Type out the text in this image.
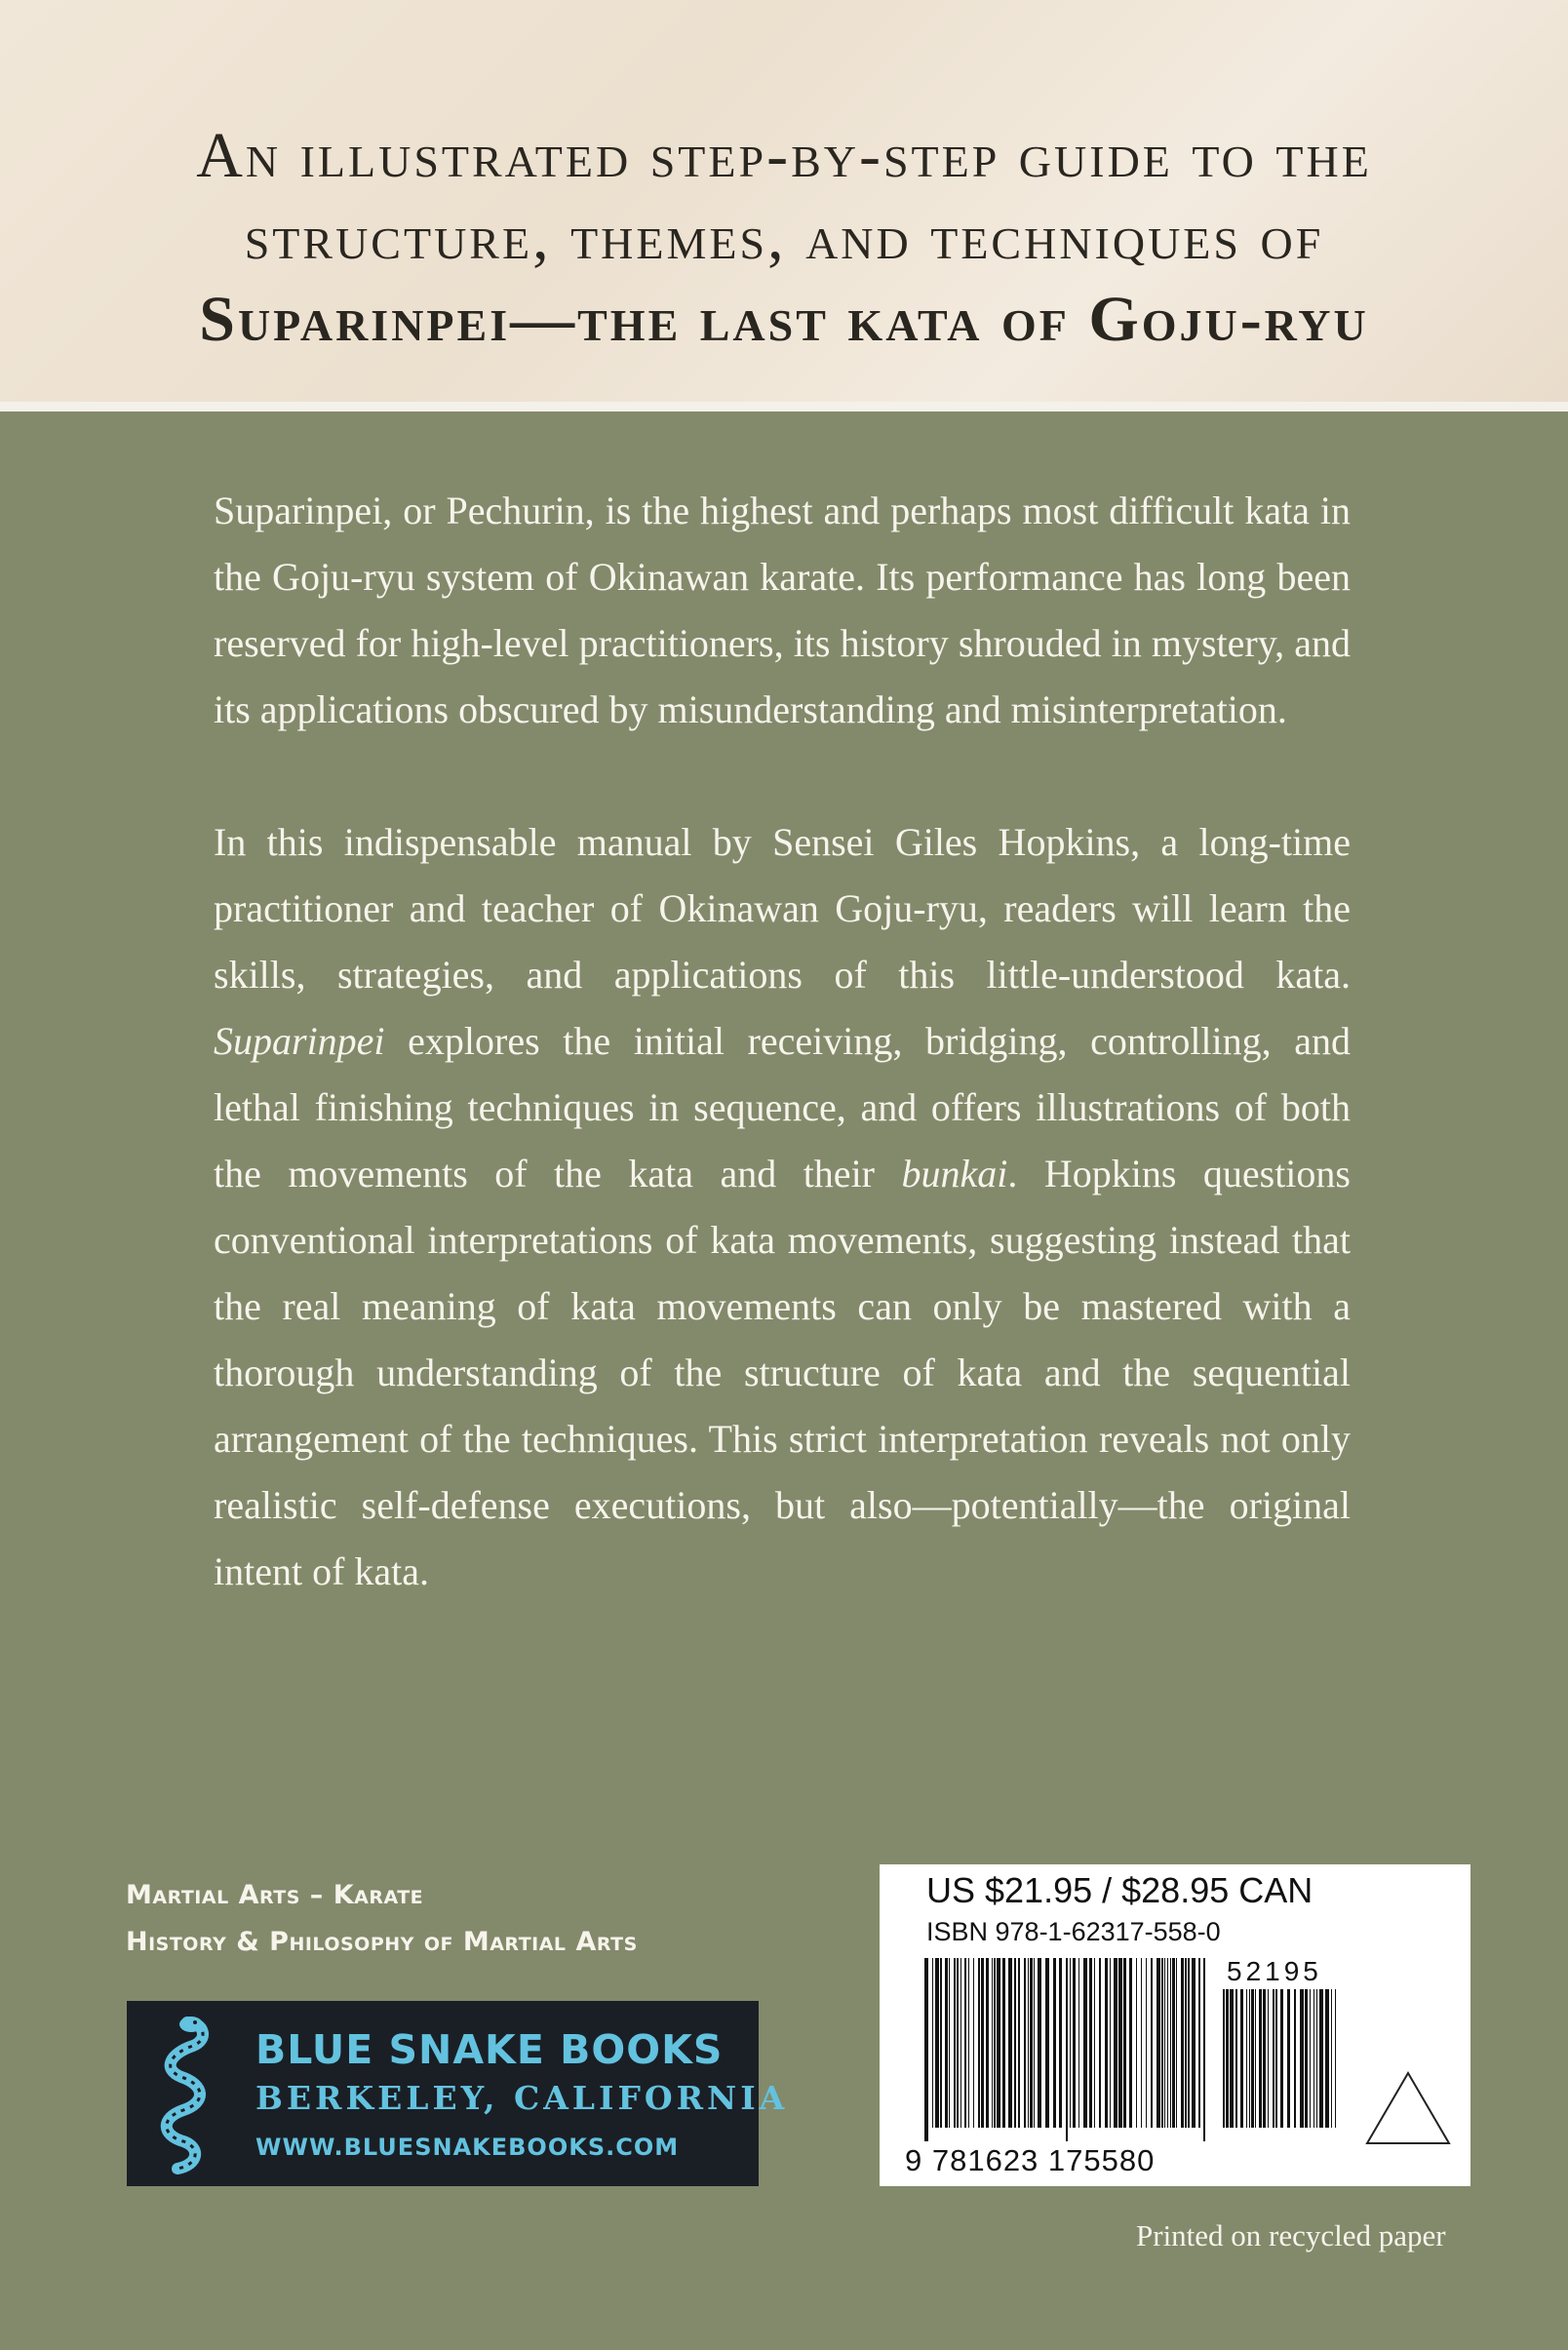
An illustrated step-by-step guide to the
structure, themes, and techniques of
Suparinpei—the last kata of Goju-ryu

Suparinpei, or Pechurin, is the highest and perhaps most difficult kata in the Goju-ryu system of Okinawan karate. Its performance has long been reserved for high-level practitioners, its history shrouded in mystery, and its applications obscured by misunderstanding and misinterpretation.

In this indispensable manual by Sensei Giles Hopkins, a long-time practitioner and teacher of Okinawan Goju-ryu, readers will learn the skills, strategies, and applications of this little-understood kata. Suparinpei explores the initial receiving, bridging, controlling, and lethal finishing techniques in sequence, and offers illustrations of both the movements of the kata and their bunkai. Hopkins questions conventional interpretations of kata movements, suggesting instead that the real meaning of kata movements can only be mastered with a thorough understanding of the structure of kata and the sequential arrangement of the techniques. This strict interpretation reveals not only realistic self-defense executions, but also—potentially—the original intent of kata.

Martial Arts – Karate
History & Philosophy of Martial Arts
BLUE SNAKE BOOKS
BERKELEY, CALIFORNIA
WWW.BLUESNAKEBOOKS.COM
US $21.95 / $28.95 CAN
ISBN 978-1-62317-558-0
52195
9 781623 175580
Printed on recycled paper
